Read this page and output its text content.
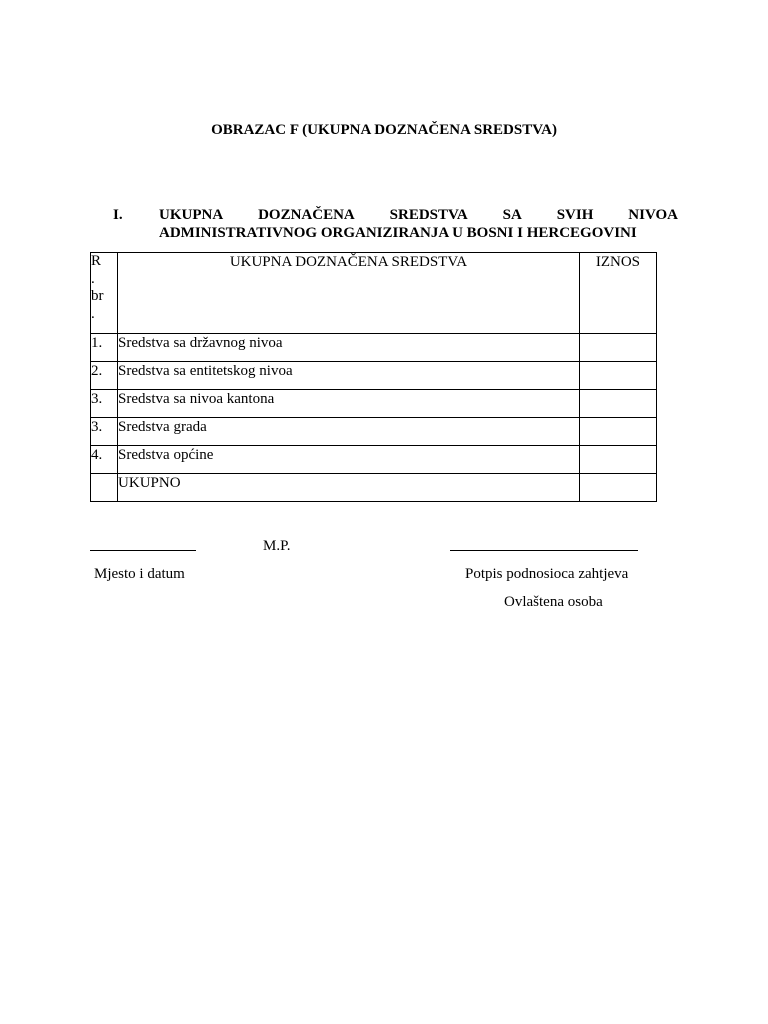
OBRAZAC F (UKUPNA DOZNAČENA SREDSTVA)
I. UKUPNA DOZNAČENA SREDSTVA SA SVIH NIVOA
ADMINISTRATIVNOG ORGANIZIRANJA U BOSNI I HERCEGOVINI
R
.
br
.	UKUPNA DOZNAČENA SREDSTVA	IZNOS
1.	Sredstva sa državnog nivoa	
2.	Sredstva sa entitetskog nivoa	
3.	Sredstva sa nivoa kantona	
3.	Sredstva grada	
4.	Sredstva općine	
	UKUPNO	
M.P.
Mjesto i datum	Potpis podnosioca zahtjeva
Ovlaštena osoba
